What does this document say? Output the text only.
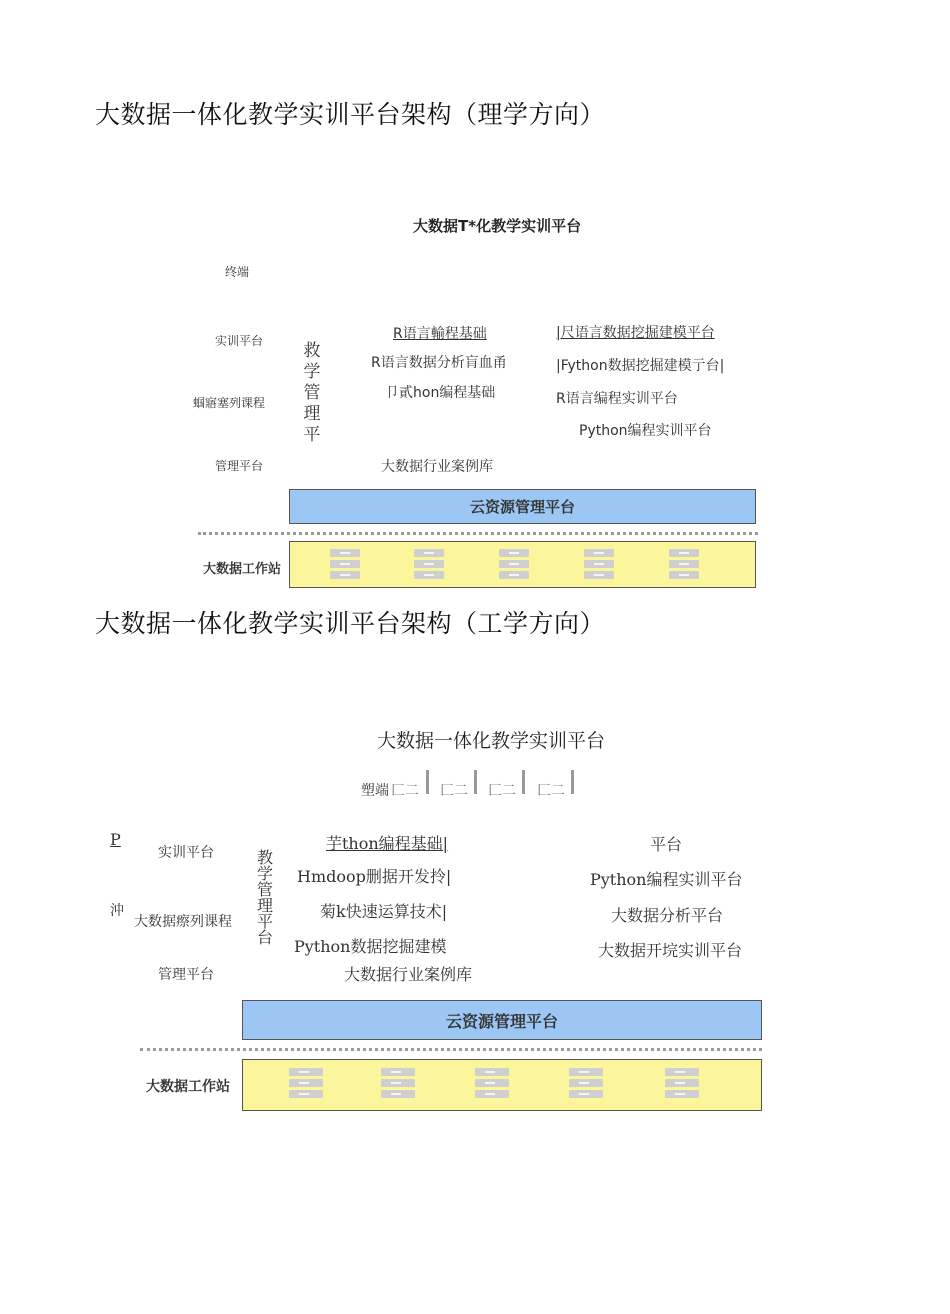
大数据一体化教学实训平台架构（理学方向）
大数据T*化教学实训平台
终端
实训平台
蝈寤塞列课程
管理平台
救学管理平
R语言輸程基础
R语言数据分析肓血甬
卩貳hon编程基础
|尺语言数据挖掘建模平台
|Fython数据挖掘建模亍台|
R语言编程实训平台
Python编程实训平台
大数据行业案例库
云资源管理平台
大数据工作站
大数据一体化教学实训平台架构（工学方向）
大数据一体化教学实训平台
塑端 匚二 匚二 匚二 匚二
P
沖
实训平台
大数据瘵列课程
管理平台
教学管理平台
芋thon编程基础|
Hmdoop删据开发拎|
菊k快速运算技术|
Python数据挖掘建模
平台
Python编程实训平台
大数据分析平台
大数据开垸实训平台
大数据行业案例库
云资源管理平台
大数据工作站
